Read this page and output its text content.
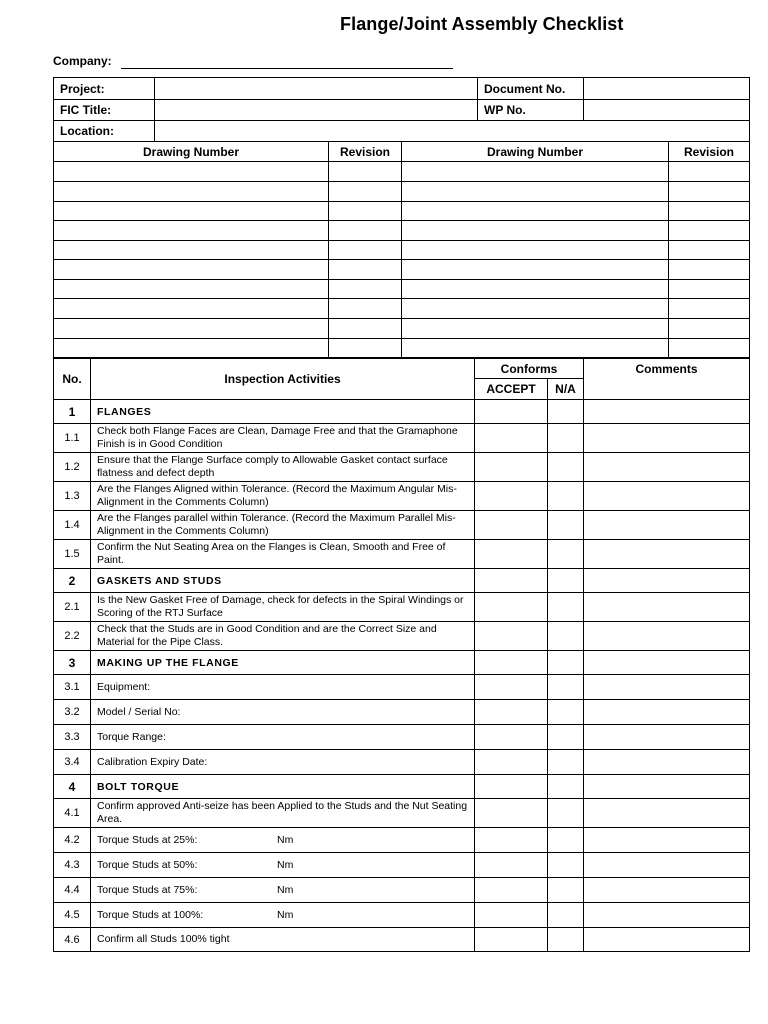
Flange/Joint Assembly Checklist
Company:
Project:		Document No.	
FIC Title:		WP No.	
Location:			
Drawing Number	Revision	Drawing Number	Revision

No.	Inspection Activities	Conforms		Comments
		ACCEPT	N/A	
1	FLANGES			
1.1	Check both Flange Faces are Clean, Damage Free and that the Gramaphone Finish is in Good Condition			

1.2	Ensure that the Flange Surface comply to Allowable Gasket contact surface flatness and defect depth			

1.3	Are the Flanges Aligned within Tolerance. (Record the Maximum Angular Mis-Alignment in the Comments Column)			

1.4	Are the Flanges parallel within Tolerance. (Record the Maximum Parallel Mis-Alignment in the Comments Column)			

1.5	Confirm the Nut Seating Area on the Flanges is Clean, Smooth and Free of Paint.			

2	GASKETS AND STUDS			
2.1	Is the New Gasket Free of Damage, check for defects in the Spiral Windings or Scoring of the RTJ Surface			

2.2	Check that the Studs are in Good Condition and are the Correct Size and Material for the Pipe Class.			

3	MAKING UP THE FLANGE			
3.1	Equipment:			

3.2	Model / Serial No:			

3.3	Torque Range:			

3.4	Calibration Expiry Date:			

4	BOLT TORQUE			
4.1	Confirm approved Anti-seize has been Applied to the Studs and the Nut Seating Area.			

4.2	Torque Studs at 25%: Nm			

4.3	Torque Studs at 50%: Nm			

4.4	Torque Studs at 75%: Nm			

4.5	Torque Studs at 100%: Nm			

4.6	Confirm all Studs 100% tight			
